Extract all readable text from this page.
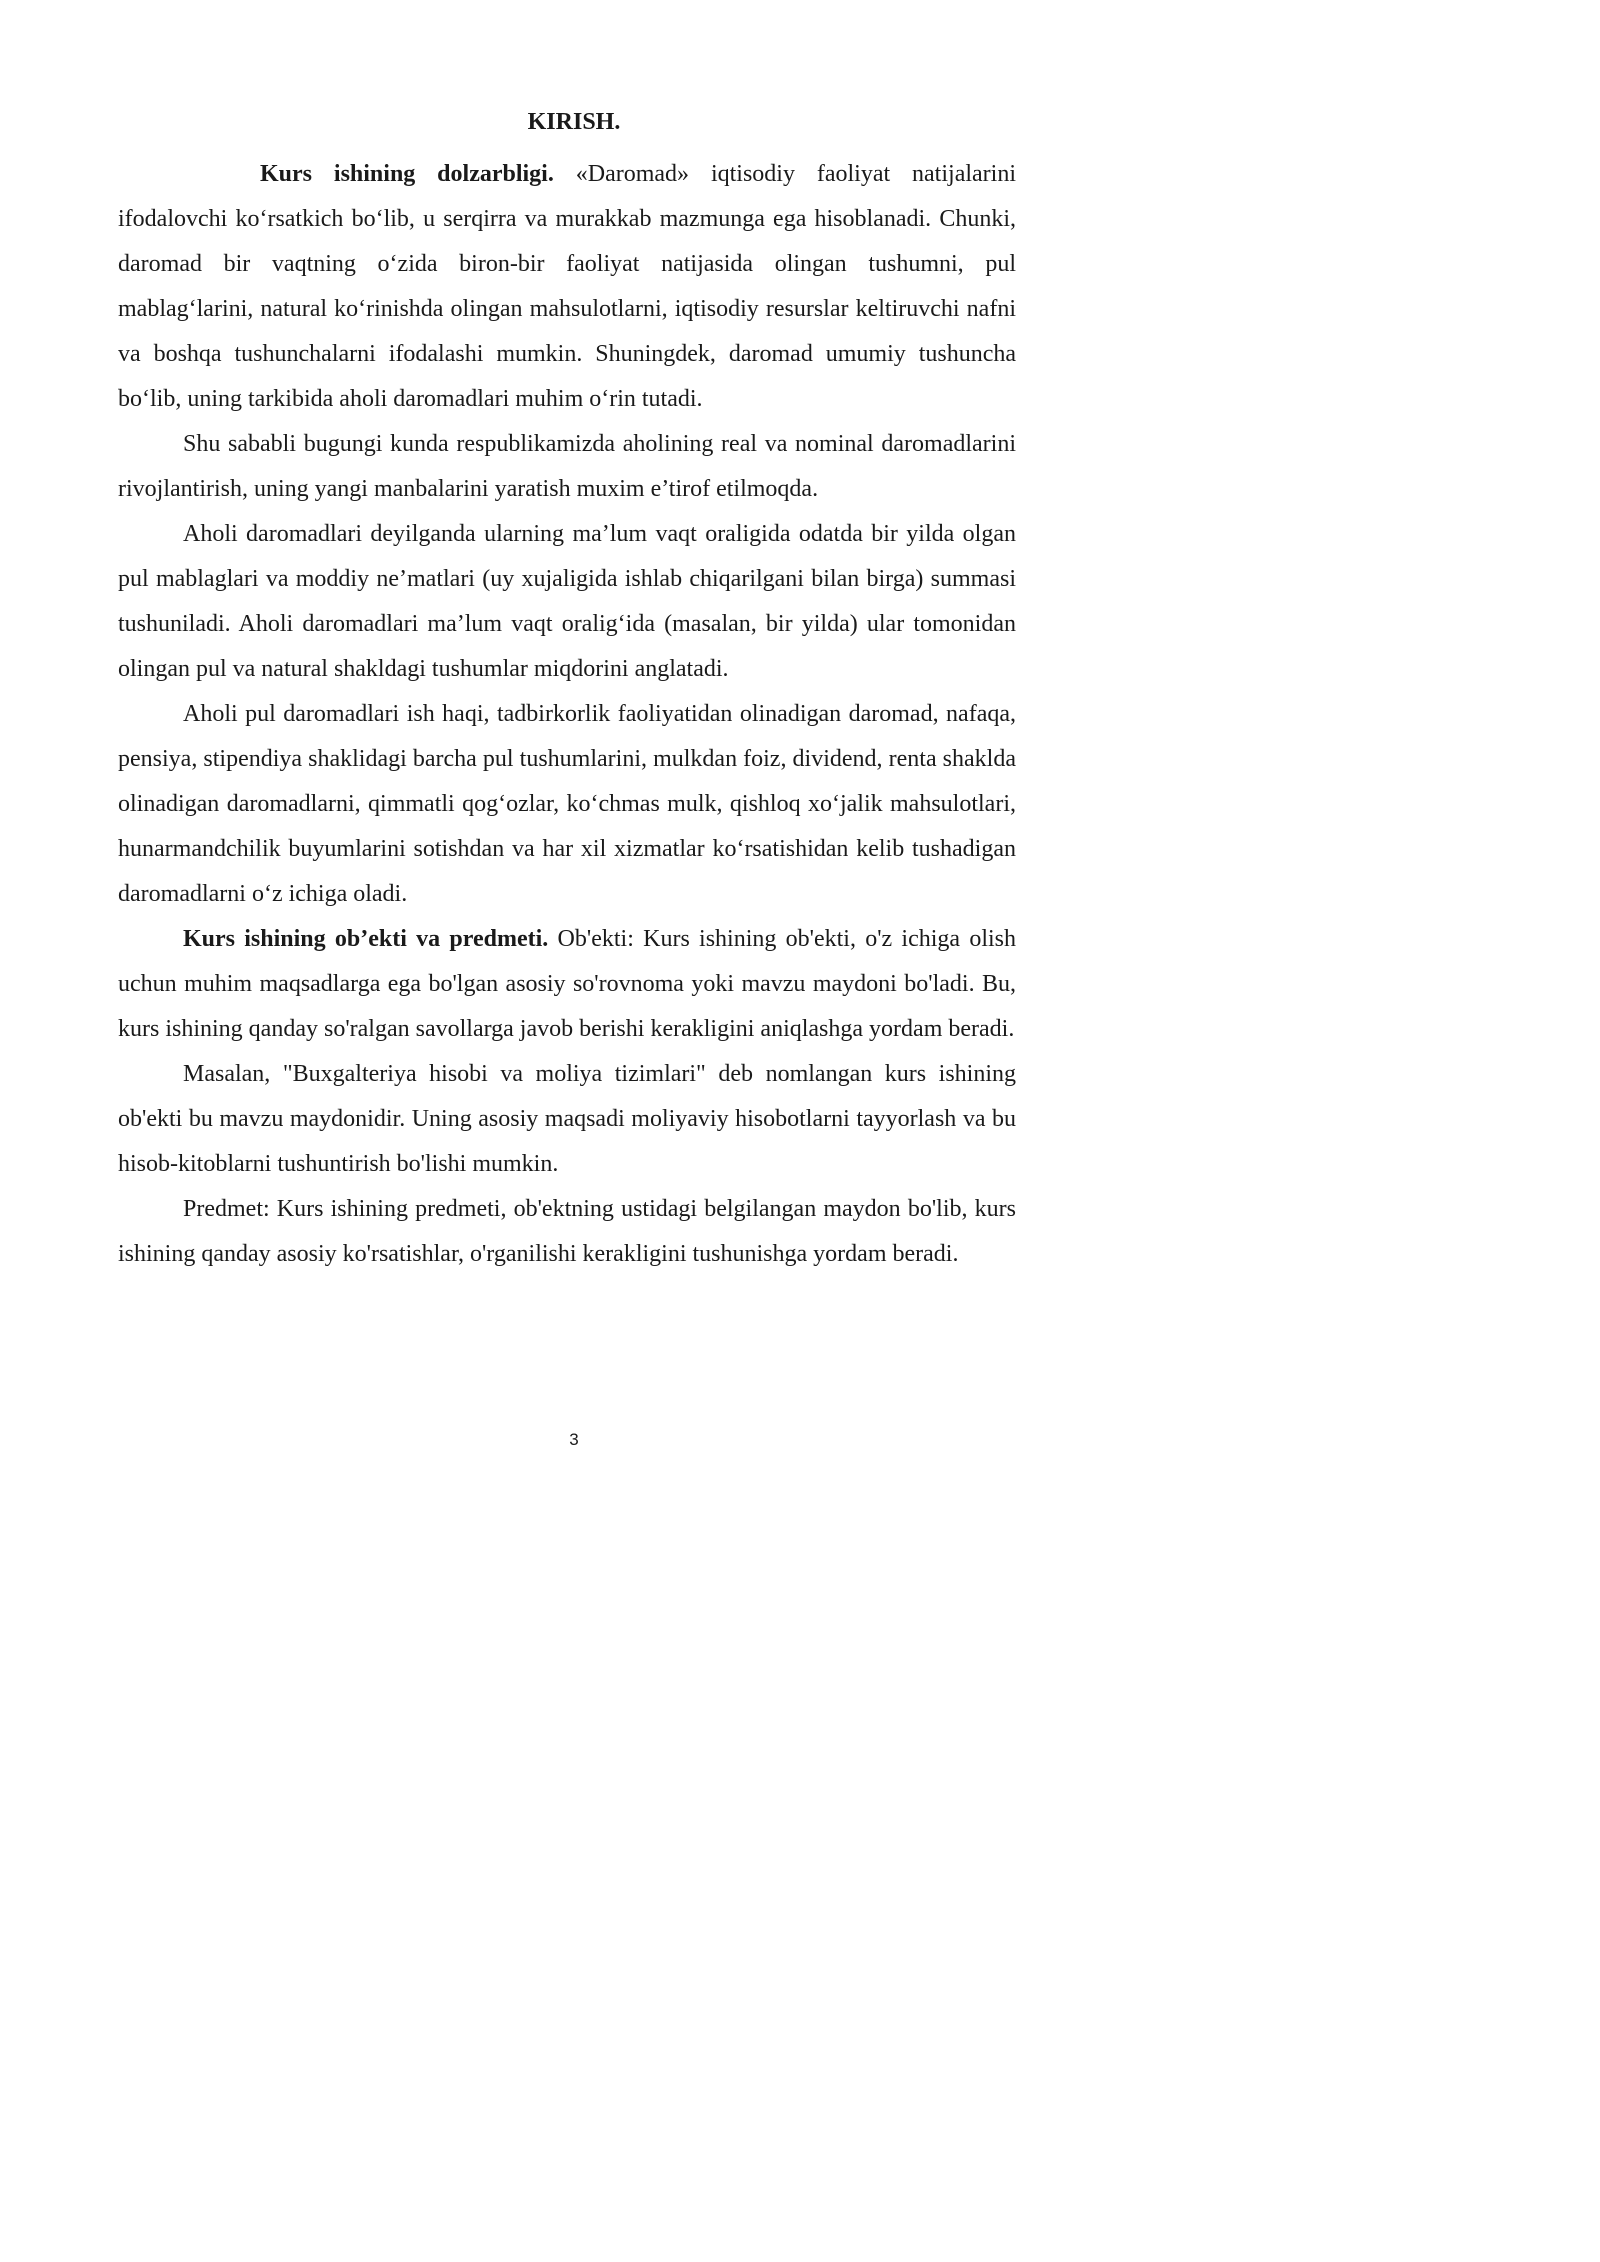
KIRISH.

Kurs ishining dolzarbligi. «Daromad» iqtisodiy faoliyat natijalarini ifodalovchi ko‘rsatkich bo‘lib, u serqirra va murakkab mazmunga ega hisoblanadi. Chunki, daromad bir vaqtning o‘zida biron-bir faoliyat natijasida olingan tushumni, pul mablag‘larini, natural ko‘rinishda olingan mahsulotlarni, iqtisodiy resurslar keltiruvchi nafni va boshqa tushunchalarni ifodalashi mumkin. Shuningdek, daromad umumiy tushuncha bo‘lib, uning tarkibida aholi daromadlari muhim o‘rin tutadi.

Shu sababli bugungi kunda respublikamizda aholining real va nominal daromadlarini rivojlantirish, uning yangi manbalarini yaratish muxim e’tirof etilmoqda.

Aholi daromadlari deyilganda ularning ma’lum vaqt oraligida odatda bir yilda olgan pul mablaglari va moddiy ne’matlari (uy xujaligida ishlab chiqarilgani bilan birga) summasi tushuniladi. Aholi daromadlari ma’lum vaqt oralig‘ida (masalan, bir yilda) ular tomonidan olingan pul va natural shakldagi tushumlar miqdorini anglatadi.

Aholi pul daromadlari ish haqi, tadbirkorlik faoliyatidan olinadigan daromad, nafaqa, pensiya, stipendiya shaklidagi barcha pul tushumlarini, mulkdan foiz, dividend, renta shaklda olinadigan daromadlarni, qimmatli qog‘ozlar, ko‘chmas mulk, qishloq xo‘jalik mahsulotlari, hunarmandchilik buyumlarini sotishdan va har xil xizmatlar ko‘rsatishidan kelib tushadigan daromadlarni o‘z ichiga oladi.

Kurs ishining ob’ekti va predmeti. Ob'ekti: Kurs ishining ob'ekti, o'z ichiga olish uchun muhim maqsadlarga ega bo'lgan asosiy so'rovnoma yoki mavzu maydoni bo'ladi. Bu, kurs ishining qanday so'ralgan savollarga javob berishi kerakligini aniqlashga yordam beradi.

Masalan, "Buxgalteriya hisobi va moliya tizimlari" deb nomlangan kurs ishining ob'ekti bu mavzu maydonidir. Uning asosiy maqsadi moliyaviy hisobotlarni tayyorlash va bu hisob-kitoblarni tushuntirish bo'lishi mumkin.

Predmet: Kurs ishining predmeti, ob'ektning ustidagi belgilangan maydon bo'lib, kurs ishining qanday asosiy ko'rsatishlar, o'rganilishi kerakligini tushunishga yordam beradi.

3
